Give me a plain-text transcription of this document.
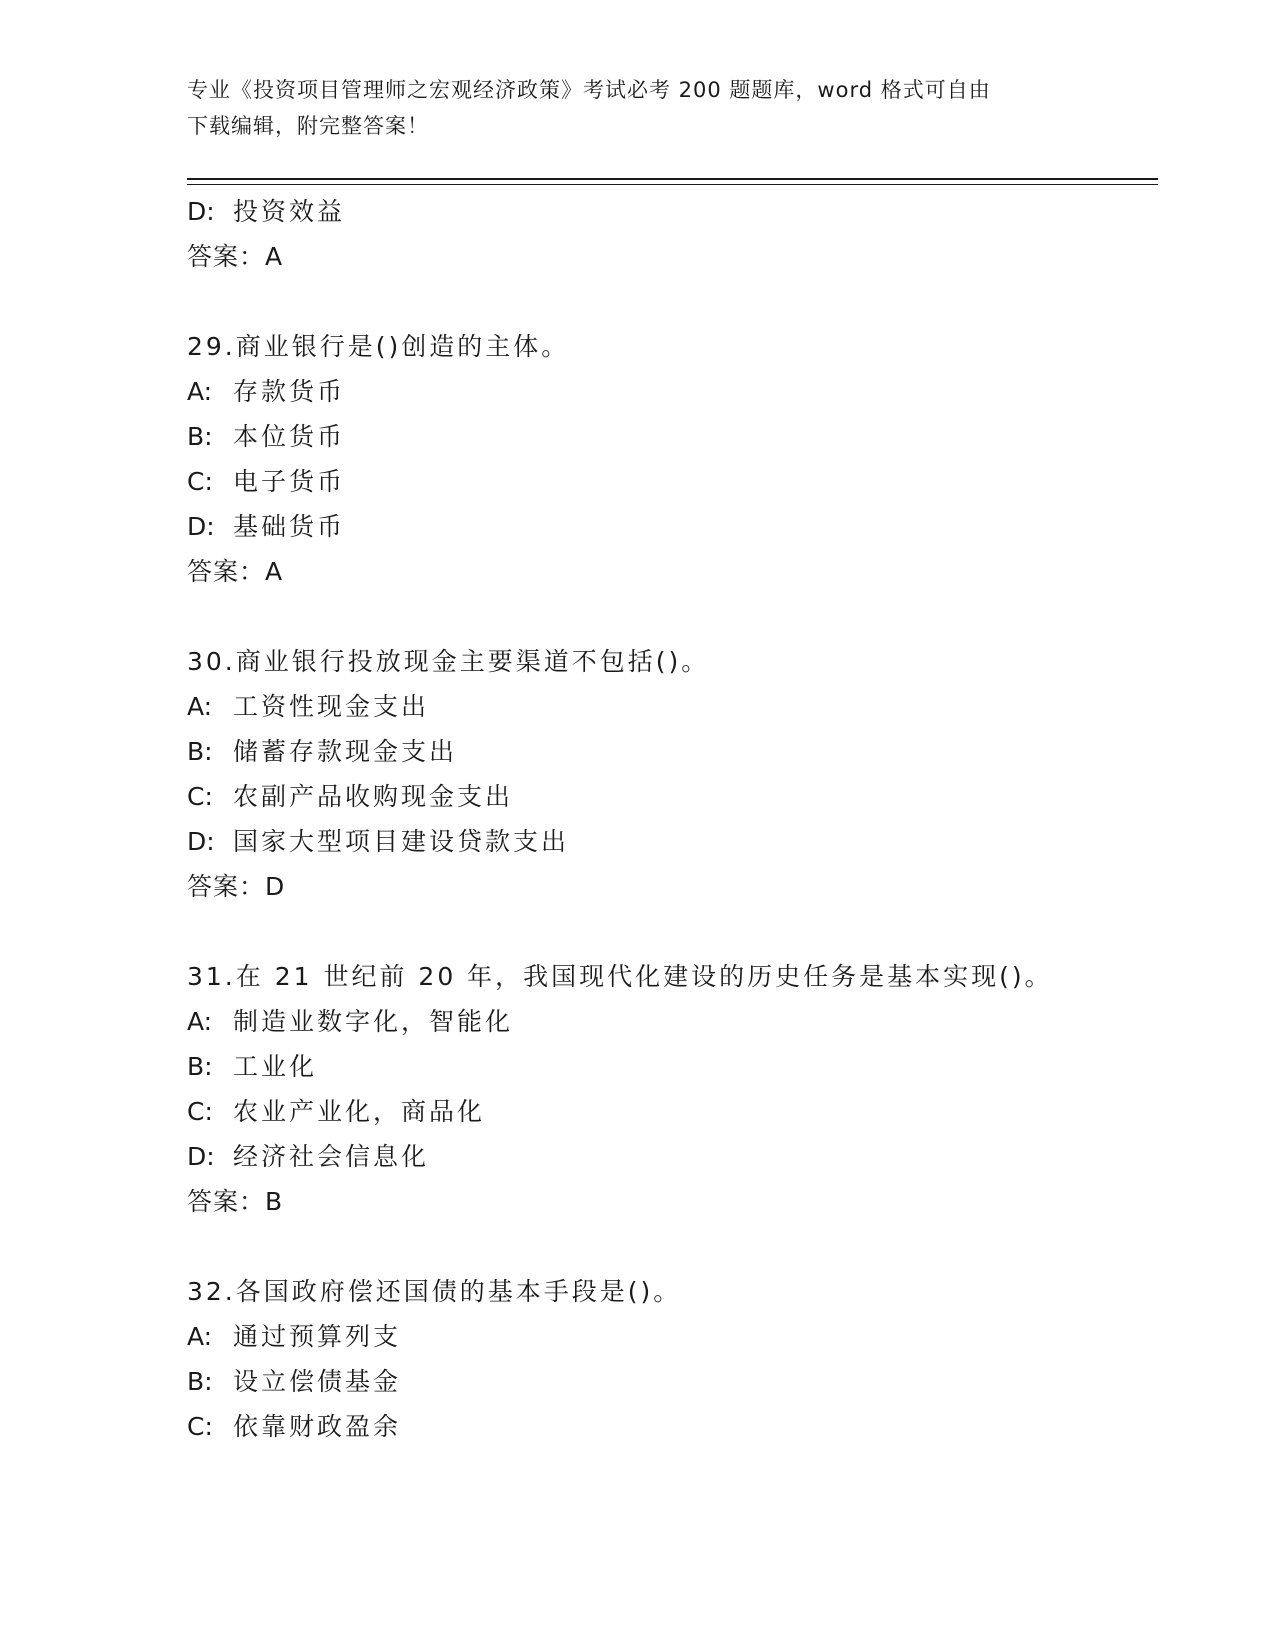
专业《投资项目管理师之宏观经济政策》考试必考 200 题题库，word 格式可自由
下载编辑，附完整答案！
D: 投资效益
答案：A
29.商业银行是()创造的主体。
A: 存款货币
B: 本位货币
C: 电子货币
D: 基础货币
答案：A
30.商业银行投放现金主要渠道不包括()。
A: 工资性现金支出
B: 储蓄存款现金支出
C: 农副产品收购现金支出
D: 国家大型项目建设贷款支出
答案：D
31.在 21 世纪前 20 年，我国现代化建设的历史任务是基本实现()。
A: 制造业数字化，智能化
B: 工业化
C: 农业产业化，商品化
D: 经济社会信息化
答案：B
32.各国政府偿还国债的基本手段是()。
A: 通过预算列支
B: 设立偿债基金
C: 依靠财政盈余
